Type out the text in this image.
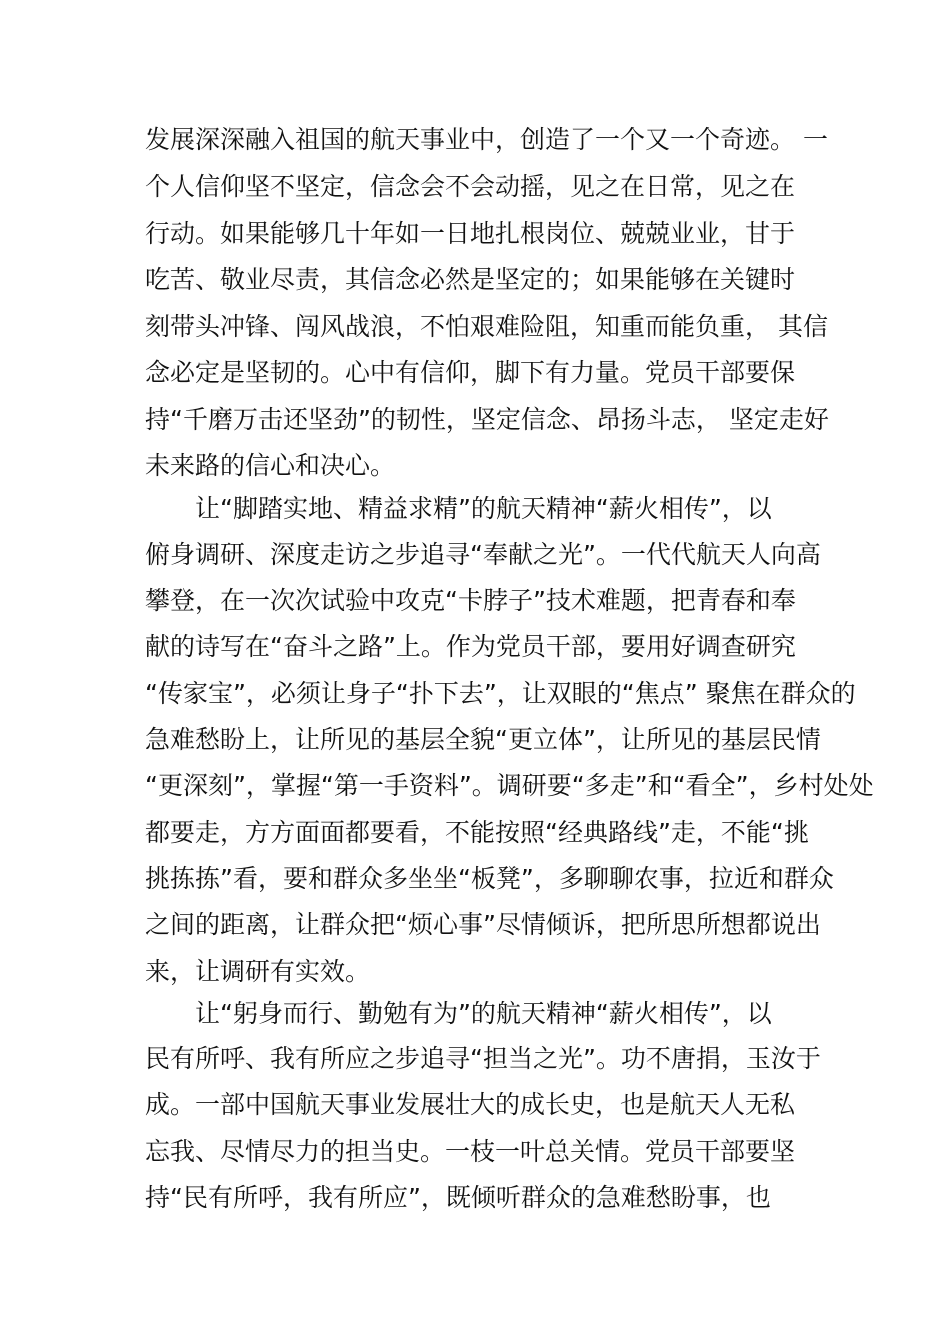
发展深深融入祖国的航天事业中，创造了一个又一个奇迹。 一
个人信仰坚不坚定，信念会不会动摇，见之在日常，见之在
行动。如果能够几十年如一日地扎根岗位、兢兢业业，甘于
吃苦、敬业尽责，其信念必然是坚定的；如果能够在关键时
刻带头冲锋、闯风战浪，不怕艰难险阻，知重而能负重， 其信
念必定是坚韧的。心中有信仰，脚下有力量。党员干部要保
持“千磨万击还坚劲”的韧性，坚定信念、昂扬斗志， 坚定走好
未来路的信心和决心。
让“脚踏实地、精益求精”的航天精神“薪火相传”，以
俯身调研、深度走访之步追寻“奉献之光”。一代代航天人向高
攀登，在一次次试验中攻克“卡脖子”技术难题，把青春和奉
献的诗写在“奋斗之路”上。作为党员干部，要用好调查研究
“传家宝”，必须让身子“扑下去”，让双眼的“焦点” 聚焦在群众的
急难愁盼上，让所见的基层全貌“更立体”，让所见的基层民情
“更深刻”，掌握“第一手资料”。调研要“多走”和“看全”，乡村处处
都要走，方方面面都要看，不能按照“经典路线”走，不能“挑
挑拣拣”看，要和群众多坐坐“板凳”，多聊聊农事，拉近和群众
之间的距离，让群众把“烦心事”尽情倾诉，把所思所想都说出
来，让调研有实效。
让“躬身而行、勤勉有为”的航天精神“薪火相传”，以
民有所呼、我有所应之步追寻“担当之光”。功不唐捐，玉汝于
成。一部中国航天事业发展壮大的成长史，也是航天人无私
忘我、尽情尽力的担当史。一枝一叶总关情。党员干部要坚
持“民有所呼，我有所应”，既倾听群众的急难愁盼事，也
